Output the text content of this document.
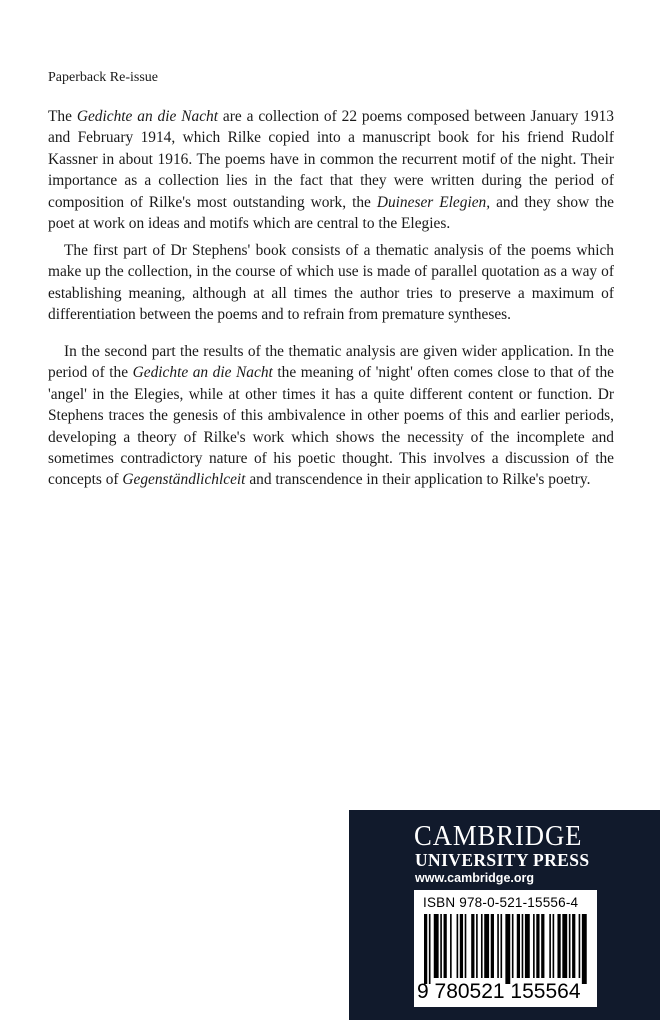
Paperback Re-issue
The Gedichte an die Nacht are a collection of 22 poems composed between January 1913 and February 1914, which Rilke copied into a manuscript book for his friend Rudolf Kassner in about 1916. The poems have in common the recurrent motif of the night. Their importance as a collection lies in the fact that they were written during the period of composition of Rilke's most outstanding work, the Duineser Elegien, and they show the poet at work on ideas and motifs which are central to the Elegies.
The first part of Dr Stephens' book consists of a thematic analysis of the poems which make up the collection, in the course of which use is made of parallel quotation as a way of establishing meaning, although at all times the author tries to preserve a maximum of differentiation between the poems and to refrain from premature syntheses.
In the second part the results of the thematic analysis are given wider application. In the period of the Gedichte an die Nacht the meaning of 'night' often comes close to that of the 'angel' in the Elegies, while at other times it has a quite different content or function. Dr Stephens traces the genesis of this ambivalence in other poems of this and earlier periods, developing a theory of Rilke's work which shows the necessity of the incomplete and sometimes contradictory nature of his poetic thought. This involves a discussion of the concepts of Gegenständlichlceit and transcendence in their application to Rilke's poetry.
CAMBRIDGE
UNIVERSITY PRESS
www.cambridge.org
ISBN 978-0-521-15556-4
9 780521 155564
